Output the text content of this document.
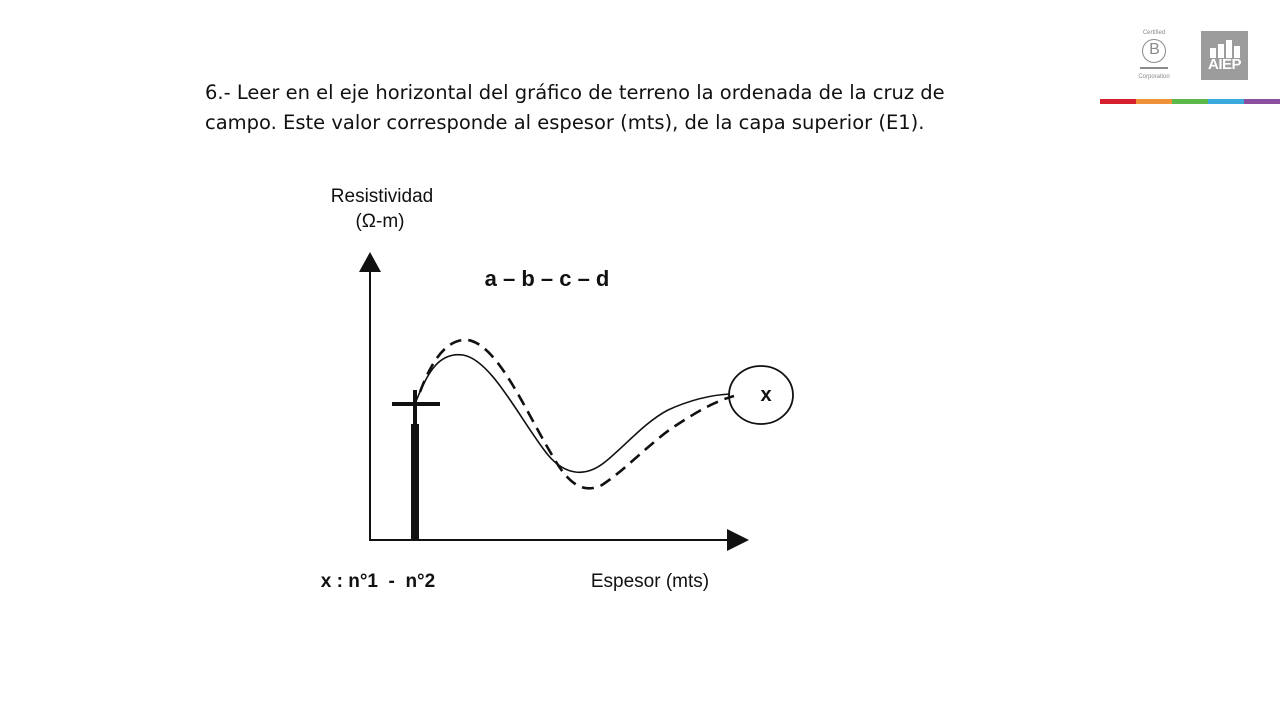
6.- Leer en el eje horizontal del gráfico de terreno la ordenada de la cruz de
campo. Este valor corresponde al espesor (mts), de la capa superior (E1).

Certified
B
Corporation
AIEP
Resistividad
(Ω-m)
a – b – c – d
x
x : n°1  -  n°2	Espesor (mts)
